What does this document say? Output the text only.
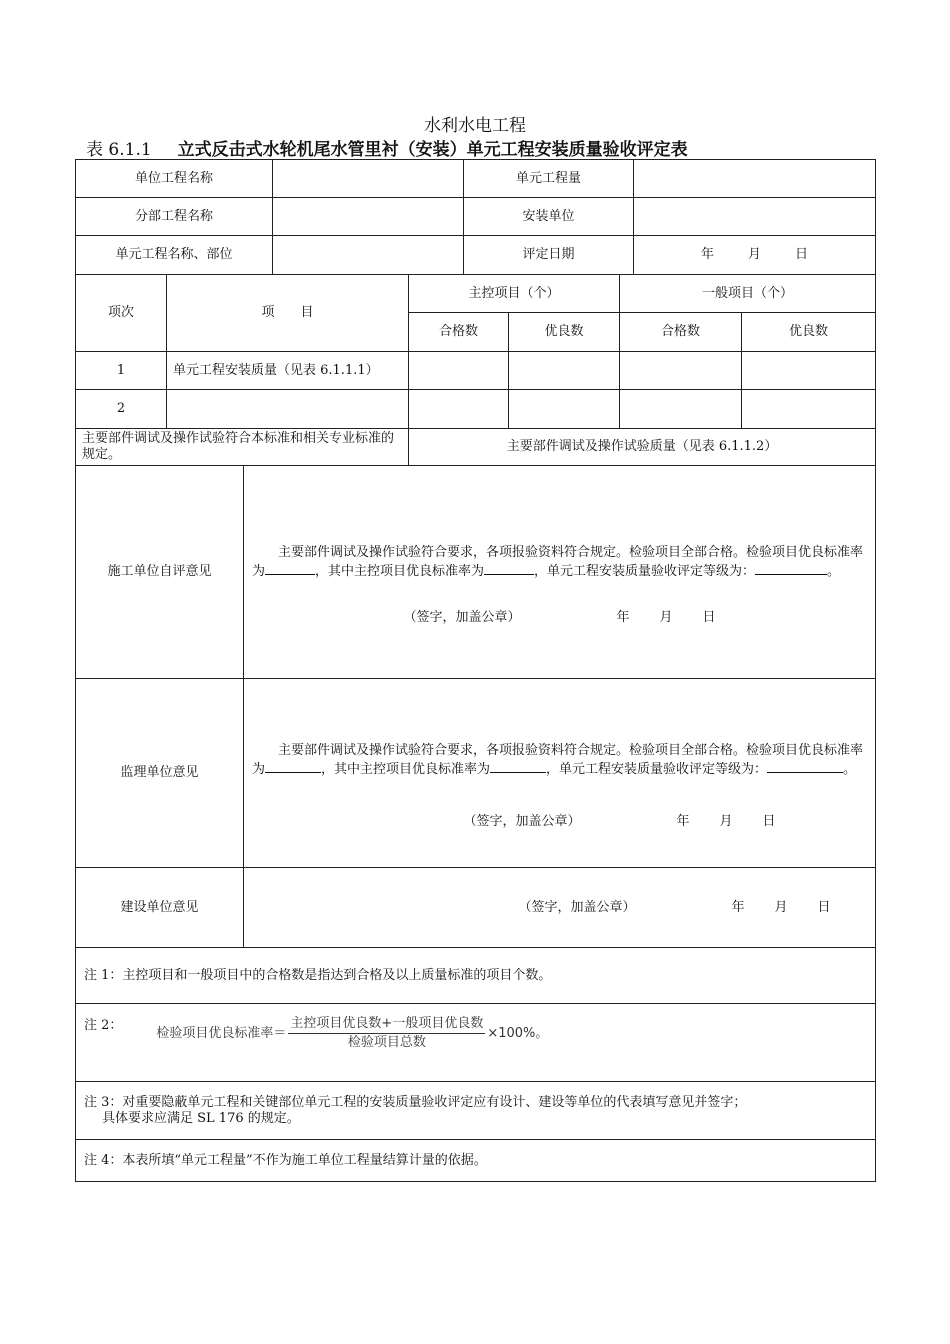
水利水电工程
表 6.1.1 立式反击式水轮机尾水管里衬（安装）单元工程安装质量验收评定表
单位工程名称		单元工程量	
分部工程名称		安装单位	
单元工程名称、部位		评定日期	年 月 日
项次	项　　目	主控项目（个）		一般项目（个）	
		合格数	优良数	合格数	优良数
1	单元工程安装质量（见表 6.1.1.1）				
2					
主要部件调试及操作试验符合本标准和相关专业标准的规定。		主要部件调试及操作试验质量（见表 6.1.1.2）			
施工单位自评意见	主要部件调试及操作试验符合要求，各项报验资料符合规定。检验项目全部合格。检验项目优良标准率为 ，其中主控项目优良标准率为 ，单元工程安装质量验收评定等级为： 。
（签字，加盖公章） 年 月 日

监理单位意见	主要部件调试及操作试验符合要求，各项报验资料符合规定。检验项目全部合格。检验项目优良标准率为 ，其中主控项目优良标准率为 ，单元工程安装质量验收评定等级为： 。
（签字，加盖公章） 年 月 日

建设单位意见	（签字，加盖公章） 年 月 日

注 1：主控项目和一般项目中的合格数是指达到合格及以上质量标准的项目个数。	

注 2： 检验项目优良标准率＝ $\frac{\text{主控项目优良数+一般项目优良数}}{\text{检验项目总数}} \times 100\%$。	

注 3：对重要隐蔽单元工程和关键部位单元工程的安装质量验收评定应有设计、建设等单位的代表填写意见并签字；
具体要求应满足 SL 176 的规定。	

注 4：本表所填“单元工程量”不作为施工单位工程量结算计量的依据。	
